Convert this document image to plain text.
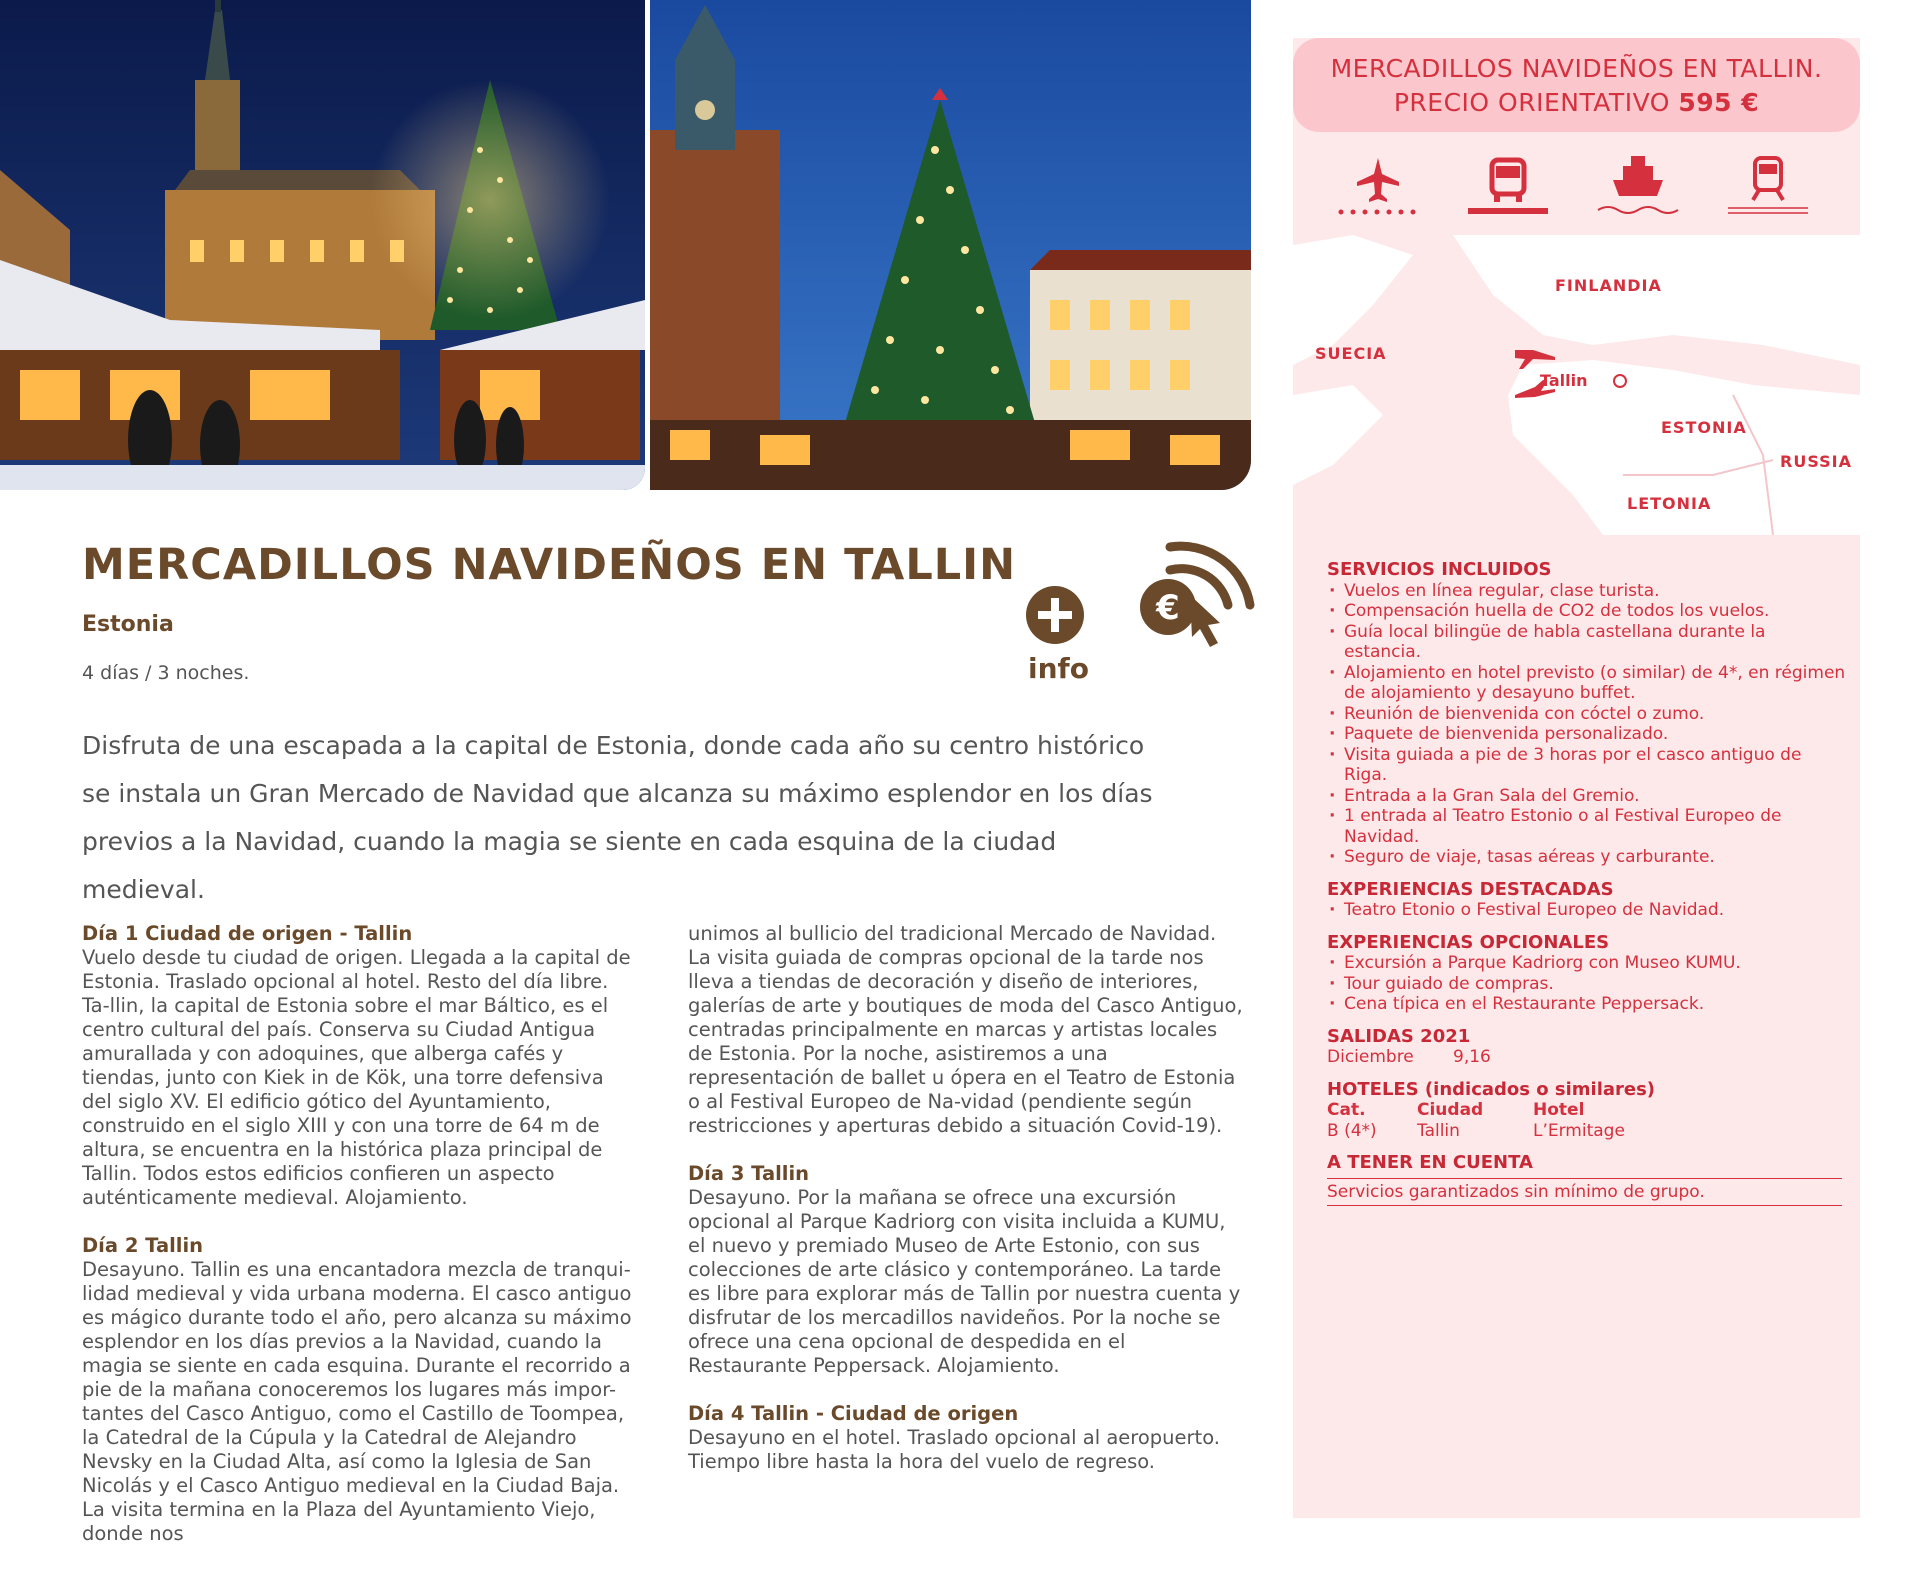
MERCADILLOS NAVIDEÑOS EN TALLIN
Estonia
4 días / 3 noches.	info
€

Disfruta de una escapada a la capital de Estonia, donde cada año su centro histórico se instala un Gran Mercado de Navidad que alcanza su máximo esplendor en los días previos a la Navidad, cuando la magia se siente en cada esquina de la ciudad medieval.

Día 1 Ciudad de origen - Tallin
Vuelo desde tu ciudad de origen. Llegada a la capital de Estonia. Traslado opcional al hotel. Resto del día libre. Ta-llin, la capital de Estonia sobre el mar Báltico, es el centro cultural del país. Conserva su Ciudad Antigua amurallada y con adoquines, que alberga cafés y tiendas, junto con Kiek in de Kök, una torre defensiva del siglo XV. El edificio gótico del Ayuntamiento, construido en el siglo XIII y con una torre de 64 m de altura, se encuentra en la histórica plaza principal de Tallin. Todos estos edificios confieren un aspecto auténticamente medieval. Alojamiento.
Día 2 Tallin
Desayuno. Tallin es una encantadora mezcla de tranqui-lidad medieval y vida urbana moderna. El casco antiguo es mágico durante todo el año, pero alcanza su máximo esplendor en los días previos a la Navidad, cuando la magia se siente en cada esquina. Durante el recorrido a pie de la mañana conoceremos los lugares más impor-tantes del Casco Antiguo, como el Castillo de Toompea, la Catedral de la Cúpula y la Catedral de Alejandro Nevsky en la Ciudad Alta, así como la Iglesia de San Nicolás y el Casco Antiguo medieval en la Ciudad Baja. La visita termina en la Plaza del Ayuntamiento Viejo, donde nos
unimos al bullicio del tradicional Mercado de Navidad. La visita guiada de compras opcional de la tarde nos lleva a tiendas de decoración y diseño de interiores, galerías de arte y boutiques de moda del Casco Antiguo, centradas principalmente en marcas y artistas locales de Estonia. Por la noche, asistiremos a una representación de ballet u ópera en el Teatro de Estonia o al Festival Europeo de Na-vidad (pendiente según restricciones y aperturas debido a situación Covid-19).
Día 3 Tallin
Desayuno. Por la mañana se ofrece una excursión opcional al Parque Kadriorg con visita incluida a KUMU, el nuevo y premiado Museo de Arte Estonio, con sus colecciones de arte clásico y contemporáneo. La tarde es libre para explorar más de Tallin por nuestra cuenta y disfrutar de los mercadillos navideños. Por la noche se ofrece una cena opcional de despedida en el Restaurante Peppersack. Alojamiento.
Día 4 Tallin - Ciudad de origen
Desayuno en el hotel. Traslado opcional al aeropuerto. Tiempo libre hasta la hora del vuelo de regreso.
MERCADILLOS NAVIDEÑOS EN TALLIN.
PRECIO ORIENTATIVO 595 €
Tallin
FINLANDIA
SUECIA
ESTONIA
RUSSIA
LETONIA
SERVICIOS INCLUIDOS
· Vuelos en línea regular, clase turista.
· Compensación huella de CO2 de todos los vuelos.
· Guía local bilingüe de habla castellana durante la estancia.
· Alojamiento en hotel previsto (o similar) de 4*, en régimen de alojamiento y desayuno buffet.
· Reunión de bienvenida con cóctel o zumo.
· Paquete de bienvenida personalizado.
· Visita guiada a pie de 3 horas por el casco antiguo de Riga.
· Entrada a la Gran Sala del Gremio.
· 1 entrada al Teatro Estonio o al Festival Europeo de Navidad.
· Seguro de viaje, tasas aéreas y carburante.
EXPERIENCIAS DESTACADAS
· Teatro Etonio o Festival Europeo de Navidad.
EXPERIENCIAS OPCIONALES
· Excursión a Parque Kadriorg con Museo KUMU.
· Tour guiado de compras.
· Cena típica en el Restaurante Peppersack.
SALIDAS 2021
Diciembre	9,16
HOTELES (indicados o similares)
Cat.	Ciudad	Hotel
B (4*)	Tallin	L’Ermitage
A TENER EN CUENTA
Servicios garantizados sin mínimo de grupo.
